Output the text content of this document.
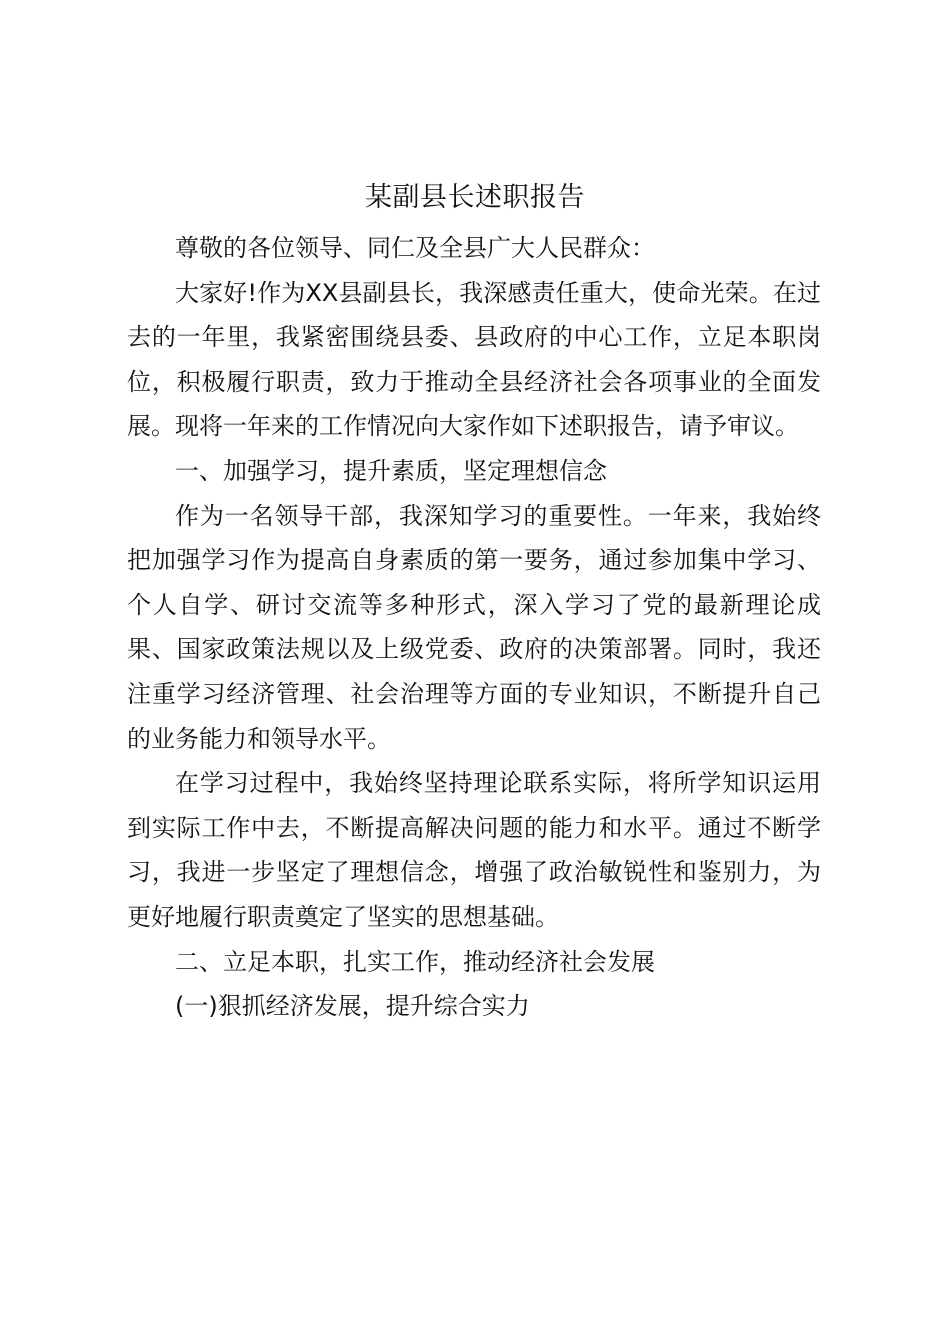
某副县长述职报告

尊敬的各位领导、同仁及全县广大人民群众：

大家好!作为XX县副县长，我深感责任重大，使命光荣。在过去的一年里，我紧密围绕县委、县政府的中心工作，立足本职岗位，积极履行职责，致力于推动全县经济社会各项事业的全面发展。现将一年来的工作情况向大家作如下述职报告，请予审议。

一、加强学习，提升素质，坚定理想信念

作为一名领导干部，我深知学习的重要性。一年来，我始终把加强学习作为提高自身素质的第一要务，通过参加集中学习、个人自学、研讨交流等多种形式，深入学习了党的最新理论成果、国家政策法规以及上级党委、政府的决策部署。同时，我还注重学习经济管理、社会治理等方面的专业知识，不断提升自己的业务能力和领导水平。

在学习过程中，我始终坚持理论联系实际，将所学知识运用到实际工作中去，不断提高解决问题的能力和水平。通过不断学习，我进一步坚定了理想信念，增强了政治敏锐性和鉴别力，为更好地履行职责奠定了坚实的思想基础。

二、立足本职，扎实工作，推动经济社会发展

(一)狠抓经济发展，提升综合实力
